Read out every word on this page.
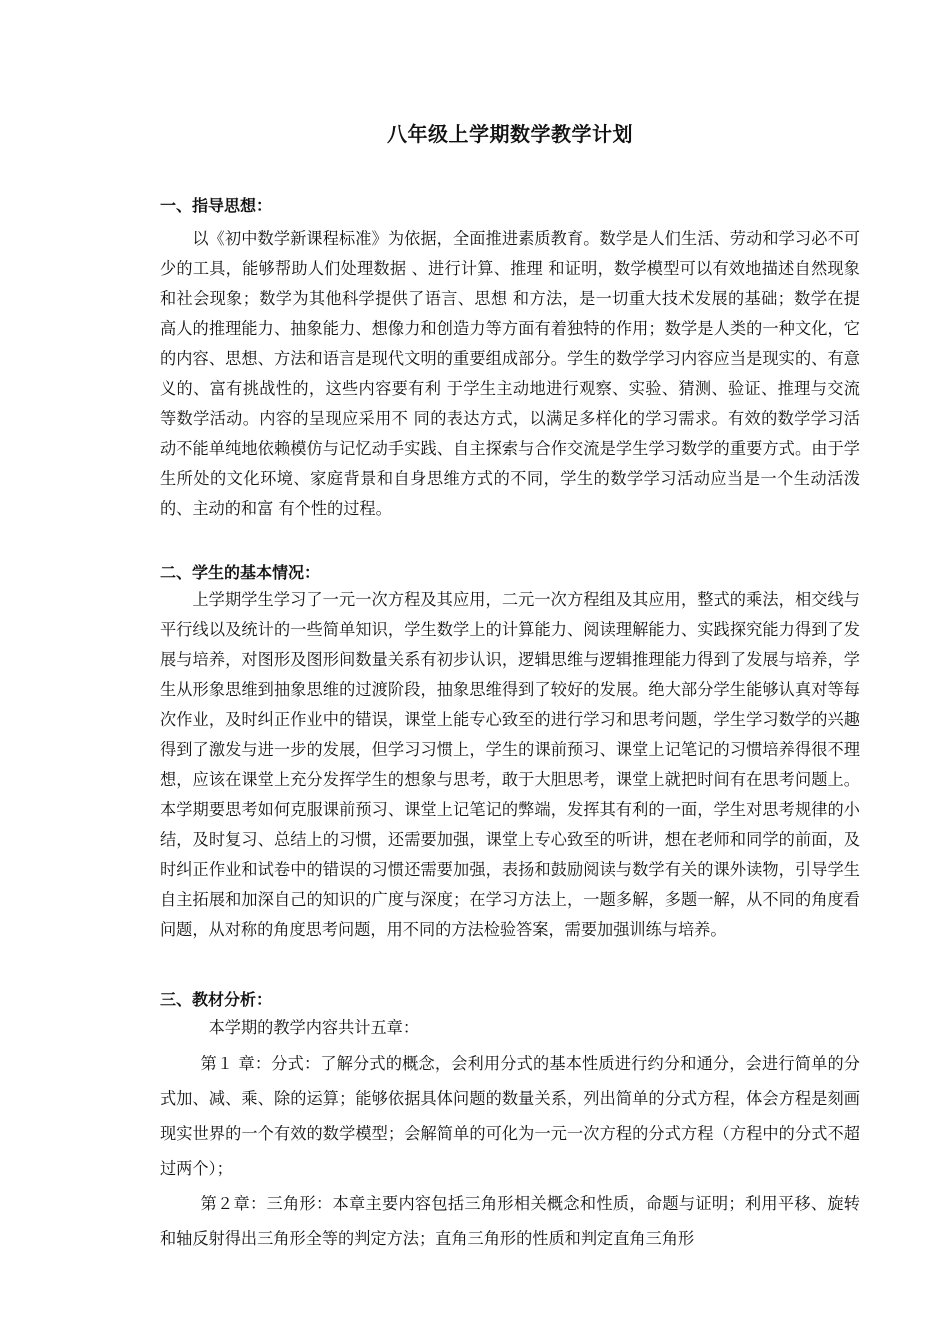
八年级上学期数学教学计划
一、指导思想：

以《初中数学新课程标准》为依据，全面推进素质教育。数学是人们生活、劳动和学习必不可少的工具，能够帮助人们处理数据 、进行计算、推理 和证明，数学模型可以有效地描述自然现象和社会现象；数学为其他科学提供了语言、思想 和方法，是一切重大技术发展的基础；数学在提高人的推理能力、抽象能力、想像力和创造力等方面有着独特的作用；数学是人类的一种文化，它的内容、思想、方法和语言是现代文明的重要组成部分。学生的数学学习内容应当是现实的、有意义的、富有挑战性的，这些内容要有利 于学生主动地进行观察、实验、猜测、验证、推理与交流等数学活动。内容的呈现应采用不 同的表达方式，以满足多样化的学习需求。有效的数学学习活动不能单纯地依赖模仿与记忆动手实践、自主探索与合作交流是学生学习数学的重要方式。由于学生所处的文化环境、家庭背景和自身思维方式的不同，学生的数学学习活动应当是一个生动活泼的、主动的和富 有个性的过程。

二、学生的基本情况：

上学期学生学习了一元一次方程及其应用，二元一次方程组及其应用，整式的乘法，相交线与平行线以及统计的一些简单知识，学生数学上的计算能力、阅读理解能力、实践探究能力得到了发展与培养，对图形及图形间数量关系有初步认识，逻辑思维与逻辑推理能力得到了发展与培养，学生从形象思维到抽象思维的过渡阶段，抽象思维得到了较好的发展。绝大部分学生能够认真对等每次作业，及时纠正作业中的错误，课堂上能专心致至的进行学习和思考问题，学生学习数学的兴趣得到了激发与进一步的发展，但学习习惯上，学生的课前预习、课堂上记笔记的习惯培养得很不理想，应该在课堂上充分发挥学生的想象与思考，敢于大胆思考，课堂上就把时间有在思考问题上。本学期要思考如何克服课前预习、课堂上记笔记的弊端，发挥其有利的一面，学生对思考规律的小结，及时复习、总结上的习惯，还需要加强，课堂上专心致至的听讲，想在老师和同学的前面，及时纠正作业和试卷中的错误的习惯还需要加强，表扬和鼓励阅读与数学有关的课外读物，引导学生自主拓展和加深自己的知识的广度与深度；在学习方法上，一题多解，多题一解，从不同的角度看问题，从对称的角度思考问题，用不同的方法检验答案，需要加强训练与培养。

三、教材分析：

本学期的教学内容共计五章：

第１ 章：分式：了解分式的概念，会利用分式的基本性质进行约分和通分，会进行简单的分式加、减、乘、除的运算；能够依据具体问题的数量关系，列出简单的分式方程，体会方程是刻画现实世界的一个有效的数学模型；会解简单的可化为一元一次方程的分式方程（方程中的分式不超过两个）；

第２章：三角形：本章主要内容包括三角形相关概念和性质，命题与证明；利用平移、旋转和轴反射得出三角形全等的判定方法；直角三角形的性质和判定直角三角形
